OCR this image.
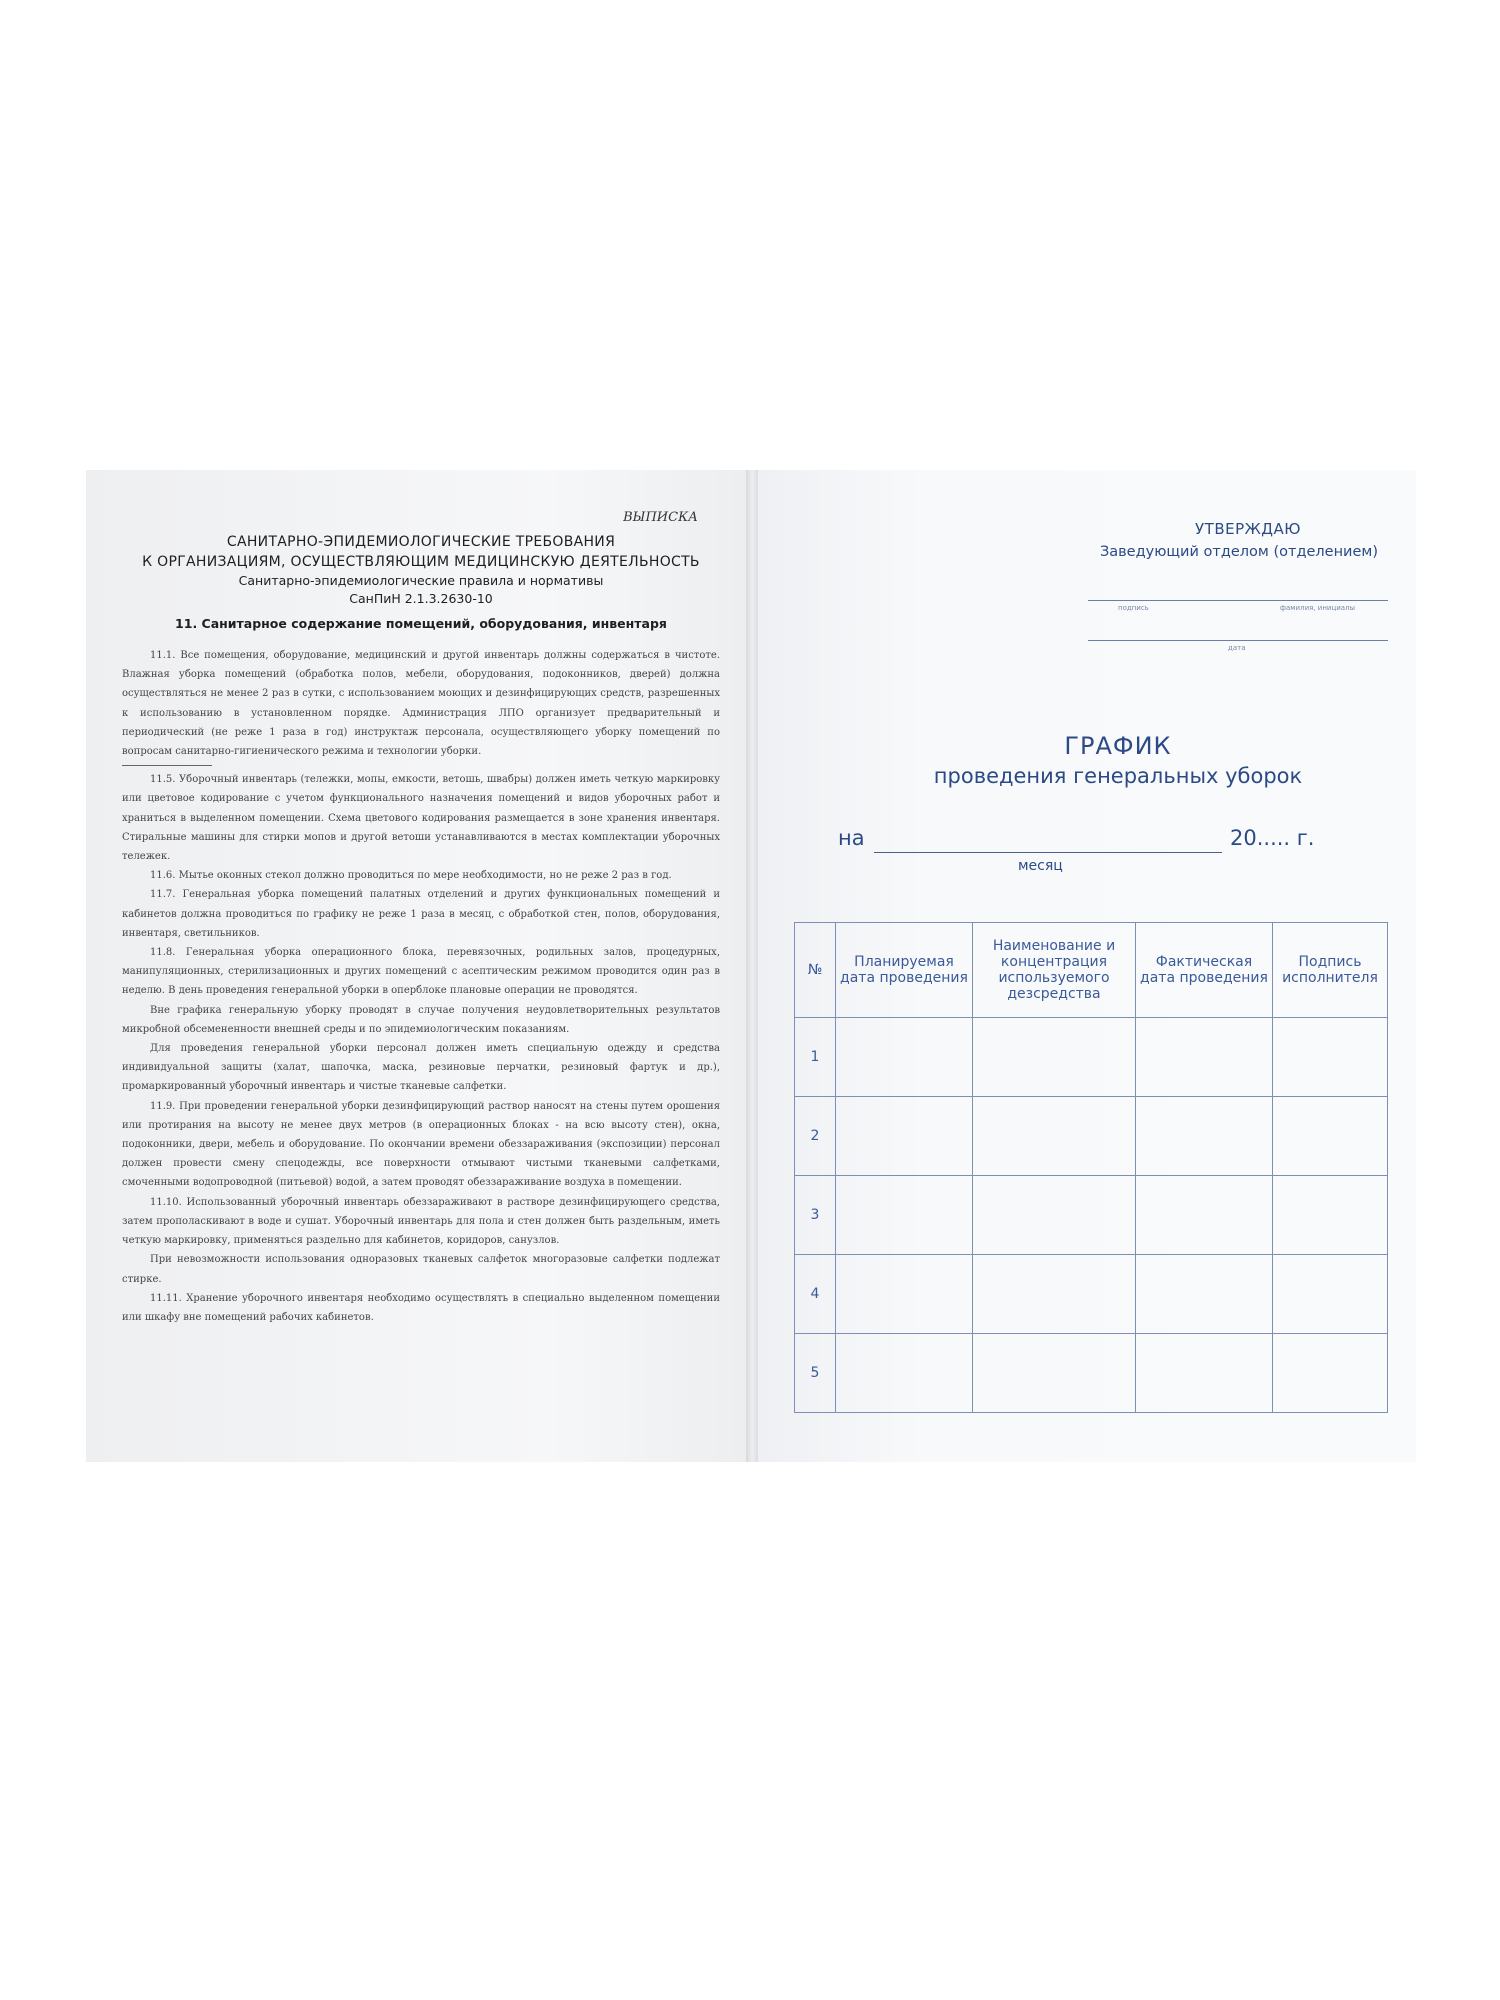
ВЫПИСКА
САНИТАРНО-ЭПИДЕМИОЛОГИЧЕСКИЕ ТРЕБОВАНИЯ
К ОРГАНИЗАЦИЯМ, ОСУЩЕСТВЛЯЮЩИМ МЕДИЦИНСКУЮ ДЕЯТЕЛЬНОСТЬ
Санитарно-эпидемиологические правила и нормативы
СанПиН 2.1.3.2630-10
11. Санитарное содержание помещений, оборудования, инвентаря

11.1. Все помещения, оборудование, медицинский и другой инвентарь должны содержаться в чистоте. Влажная уборка помещений (обработка полов, мебели, оборудования, подоконников, дверей) должна осуществляться не менее 2 раз в сутки, с использованием моющих и дезинфицирующих средств, разрешенных к использованию в установленном порядке. Администрация ЛПО организует предварительный и периодический (не реже 1 раза в год) инструктаж персонала, осуществляющего уборку помещений по вопросам санитарно-гигиенического режима и технологии уборки.

11.5. Уборочный инвентарь (тележки, мопы, емкости, ветошь, швабры) должен иметь четкую маркировку или цветовое кодирование с учетом функционального назначения помещений и видов уборочных работ и храниться в выделенном помещении. Схема цветового кодирования размещается в зоне хранения инвентаря. Стиральные машины для стирки мопов и другой ветоши устанавливаются в местах комплектации уборочных тележек.

11.6. Мытье оконных стекол должно проводиться по мере необходимости, но не реже 2 раз в год.

11.7. Генеральная уборка помещений палатных отделений и других функциональных помещений и кабинетов должна проводиться по графику не реже 1 раза в месяц, с обработкой стен, полов, оборудования, инвентаря, светильников.

11.8. Генеральная уборка операционного блока, перевязочных, родильных залов, процедурных, манипуляционных, стерилизационных и других помещений с асептическим режимом проводится один раз в неделю. В день проведения генеральной уборки в оперблоке плановые операции не проводятся.

Вне графика генеральную уборку проводят в случае получения неудовлетворительных результатов микробной обсемененности внешней среды и по эпидемиологическим показаниям.

Для проведения генеральной уборки персонал должен иметь специальную одежду и средства индивидуальной защиты (халат, шапочка, маска, резиновые перчатки, резиновый фартук и др.), промаркированный уборочный инвентарь и чистые тканевые салфетки.

11.9. При проведении генеральной уборки дезинфицирующий раствор наносят на стены путем орошения или протирания на высоту не менее двух метров (в операционных блоках - на всю высоту стен), окна, подоконники, двери, мебель и оборудование. По окончании времени обеззараживания (экспозиции) персонал должен провести смену спецодежды, все поверхности отмывают чистыми тканевыми салфетками, смоченными водопроводной (питьевой) водой, а затем проводят обеззараживание воздуха в помещении.

11.10. Использованный уборочный инвентарь обеззараживают в растворе дезинфицирующего средства, затем прополаскивают в воде и сушат. Уборочный инвентарь для пола и стен должен быть раздельным, иметь четкую маркировку, применяться раздельно для кабинетов, коридоров, санузлов.

При невозможности использования одноразовых тканевых салфеток многоразовые салфетки подлежат стирке.

11.11. Хранение уборочного инвентаря необходимо осуществлять в специально выделенном помещении или шкафу вне помещений рабочих кабинетов.

УТВЕРЖДАЮ
Заведующий отделом (отделением)
подпись	фамилия, инициалы
дата
ГРАФИК
проведения генеральных уборок
на	20..... г.
месяц
№	Планируемая дата проведения	Наименование и концентрация используемого дезсредства	Фактическая дата проведения	Подпись исполнителя
1				
2				
3				
4				
5				
